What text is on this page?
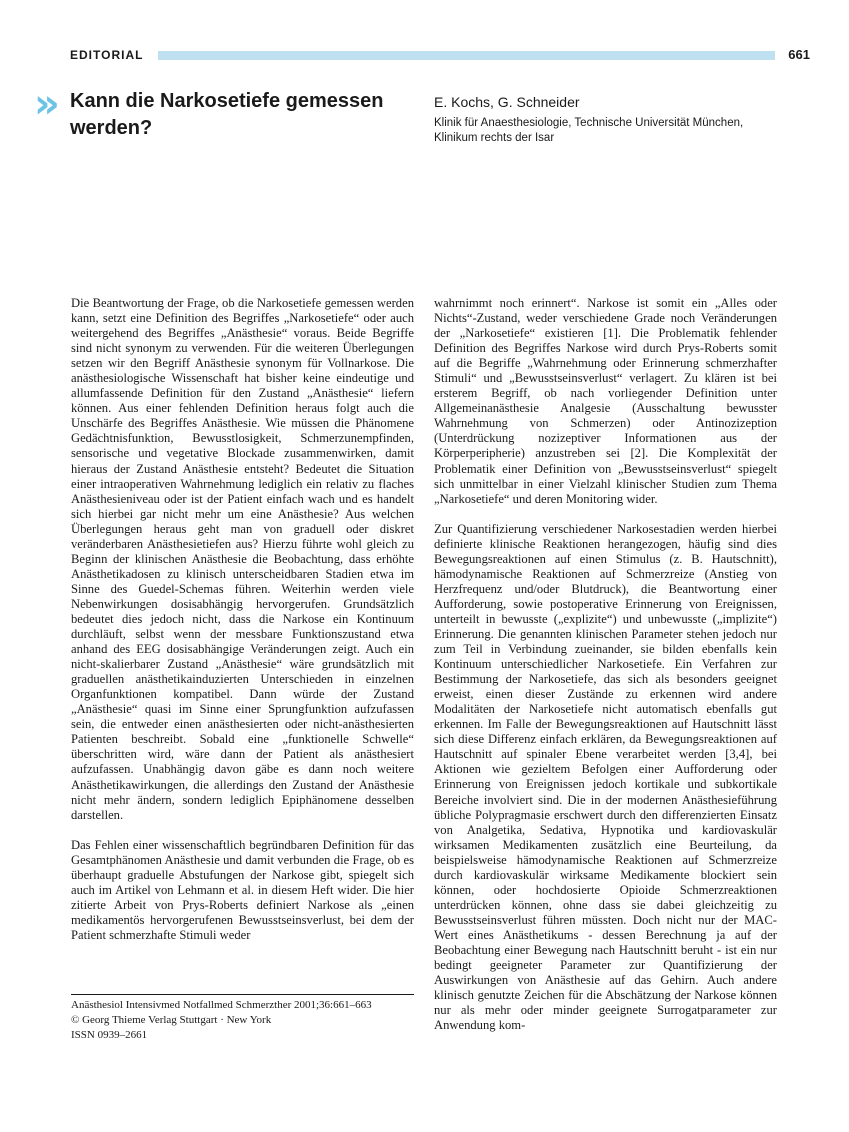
EDITORIAL	661
» Kann die Narkosetiefe gemessen werden?
E. Kochs, G. Schneider
Klinik für Anaesthesiologie, Technische Universität München, Klinikum rechts der Isar

Die Beantwortung der Frage, ob die Narkosetiefe gemessen werden kann, setzt eine Definition des Begriffes „Narkosetiefe“ oder auch weitergehend des Begriffes „Anästhesie“ voraus. Beide Begriffe sind nicht synonym zu verwenden. Für die weiteren Überlegungen setzen wir den Begriff Anästhesie synonym für Vollnarkose. Die anästhesiologische Wissenschaft hat bisher keine eindeutige und allumfassende Definition für den Zustand „Anästhesie“ liefern können. Aus einer fehlenden Definition heraus folgt auch die Unschärfe des Begriffes Anästhesie. Wie müssen die Phänomene Gedächtnisfunktion, Bewusstlosigkeit, Schmerzunempfinden, sensorische und vegetative Blockade zusammenwirken, damit hieraus der Zustand Anästhesie entsteht? Bedeutet die Situation einer intraoperativen Wahrnehmung lediglich ein relativ zu flaches Anästhesieniveau oder ist der Patient einfach wach und es handelt sich hierbei gar nicht mehr um eine Anästhesie? Aus welchen Überlegungen heraus geht man von graduell oder diskret veränderbaren Anästhesietiefen aus? Hierzu führte wohl gleich zu Beginn der klinischen Anästhesie die Beobachtung, dass erhöhte Anästhetikadosen zu klinisch unterscheidbaren Stadien etwa im Sinne des Guedel-Schemas führen. Weiterhin werden viele Nebenwirkungen dosisabhängig hervorgerufen. Grundsätzlich bedeutet dies jedoch nicht, dass die Narkose ein Kontinuum durchläuft, selbst wenn der messbare Funktionszustand etwa anhand des EEG dosisabhängige Veränderungen zeigt. Auch ein nicht-skalierbarer Zustand „Anästhesie“ wäre grundsätzlich mit graduellen anästhetikainduzierten Unterschieden in einzelnen Organfunktionen kompatibel. Dann würde der Zustand „Anästhesie“ quasi im Sinne einer Sprungfunktion aufzufassen sein, die entweder einen anästhesierten oder nicht-anästhesierten Patienten beschreibt. Sobald eine „funktionelle Schwelle“ überschritten wird, wäre dann der Patient als anästhesiert aufzufassen. Unabhängig davon gäbe es dann noch weitere Anästhetikawirkungen, die allerdings den Zustand der Anästhesie nicht mehr ändern, sondern lediglich Epiphänomene desselben darstellen.

Das Fehlen einer wissenschaftlich begründbaren Definition für das Gesamtphänomen Anästhesie und damit verbunden die Frage, ob es überhaupt graduelle Abstufungen der Narkose gibt, spiegelt sich auch im Artikel von Lehmann et al. in diesem Heft wider. Die hier zitierte Arbeit von Prys-Roberts definiert Narkose als „einen medikamentös hervorgerufenen Bewusstseinsverlust, bei dem der Patient schmerzhafte Stimuli weder

wahrnimmt noch erinnert“. Narkose ist somit ein „Alles oder Nichts“-Zustand, weder verschiedene Grade noch Veränderungen der „Narkosetiefe“ existieren [1]. Die Problematik fehlender Definition des Begriffes Narkose wird durch Prys-Roberts somit auf die Begriffe „Wahrnehmung oder Erinnerung schmerzhafter Stimuli“ und „Bewusstseinsverlust“ verlagert. Zu klären ist bei ersterem Begriff, ob nach vorliegender Definition unter Allgemeinanästhesie Analgesie (Ausschaltung bewusster Wahrnehmung von Schmerzen) oder Antinozizeption (Unterdrückung nozizeptiver Informationen aus der Körperperipherie) anzustreben sei [2]. Die Komplexität der Problematik einer Definition von „Bewusstseinsverlust“ spiegelt sich unmittelbar in einer Vielzahl klinischer Studien zum Thema „Narkosetiefe“ und deren Monitoring wider.

Zur Quantifizierung verschiedener Narkosestadien werden hierbei definierte klinische Reaktionen herangezogen, häufig sind dies Bewegungsreaktionen auf einen Stimulus (z. B. Hautschnitt), hämodynamische Reaktionen auf Schmerzreize (Anstieg von Herzfrequenz und/oder Blutdruck), die Beantwortung einer Aufforderung, sowie postoperative Erinnerung von Ereignissen, unterteilt in bewusste („explizite“) und unbewusste („implizite“) Erinnerung. Die genannten klinischen Parameter stehen jedoch nur zum Teil in Verbindung zueinander, sie bilden ebenfalls kein Kontinuum unterschiedlicher Narkosetiefe. Ein Verfahren zur Bestimmung der Narkosetiefe, das sich als besonders geeignet erweist, einen dieser Zustände zu erkennen wird andere Modalitäten der Narkosetiefe nicht automatisch ebenfalls gut erkennen. Im Falle der Bewegungsreaktionen auf Hautschnitt lässt sich diese Differenz einfach erklären, da Bewegungsreaktionen auf Hautschnitt auf spinaler Ebene verarbeitet werden [3,4], bei Aktionen wie gezieltem Befolgen einer Aufforderung oder Erinnerung von Ereignissen jedoch kortikale und subkortikale Bereiche involviert sind. Die in der modernen Anästhesieführung übliche Polypragmasie erschwert durch den differenzierten Einsatz von Analgetika, Sedativa, Hypnotika und kardiovaskulär wirksamen Medikamenten zusätzlich eine Beurteilung, da beispielsweise hämodynamische Reaktionen auf Schmerzreize durch kardiovaskulär wirksame Medikamente blockiert sein können, oder hochdosierte Opioide Schmerzreaktionen unterdrücken können, ohne dass sie dabei gleichzeitig zu Bewusstseinsverlust führen müssten. Doch nicht nur der MAC-Wert eines Anästhetikums - dessen Berechnung ja auf der Beobachtung einer Bewegung nach Hautschnitt beruht - ist ein nur bedingt geeigneter Parameter zur Quantifizierung der Auswirkungen von Anästhesie auf das Gehirn. Auch andere klinisch genutzte Zeichen für die Abschätzung der Narkose können nur als mehr oder minder geeignete Surrogatparameter zur Anwendung kom-

Anästhesiol Intensivmed Notfallmed Schmerzther 2001;36:661–663
© Georg Thieme Verlag Stuttgart · New York
ISSN 0939–2661
